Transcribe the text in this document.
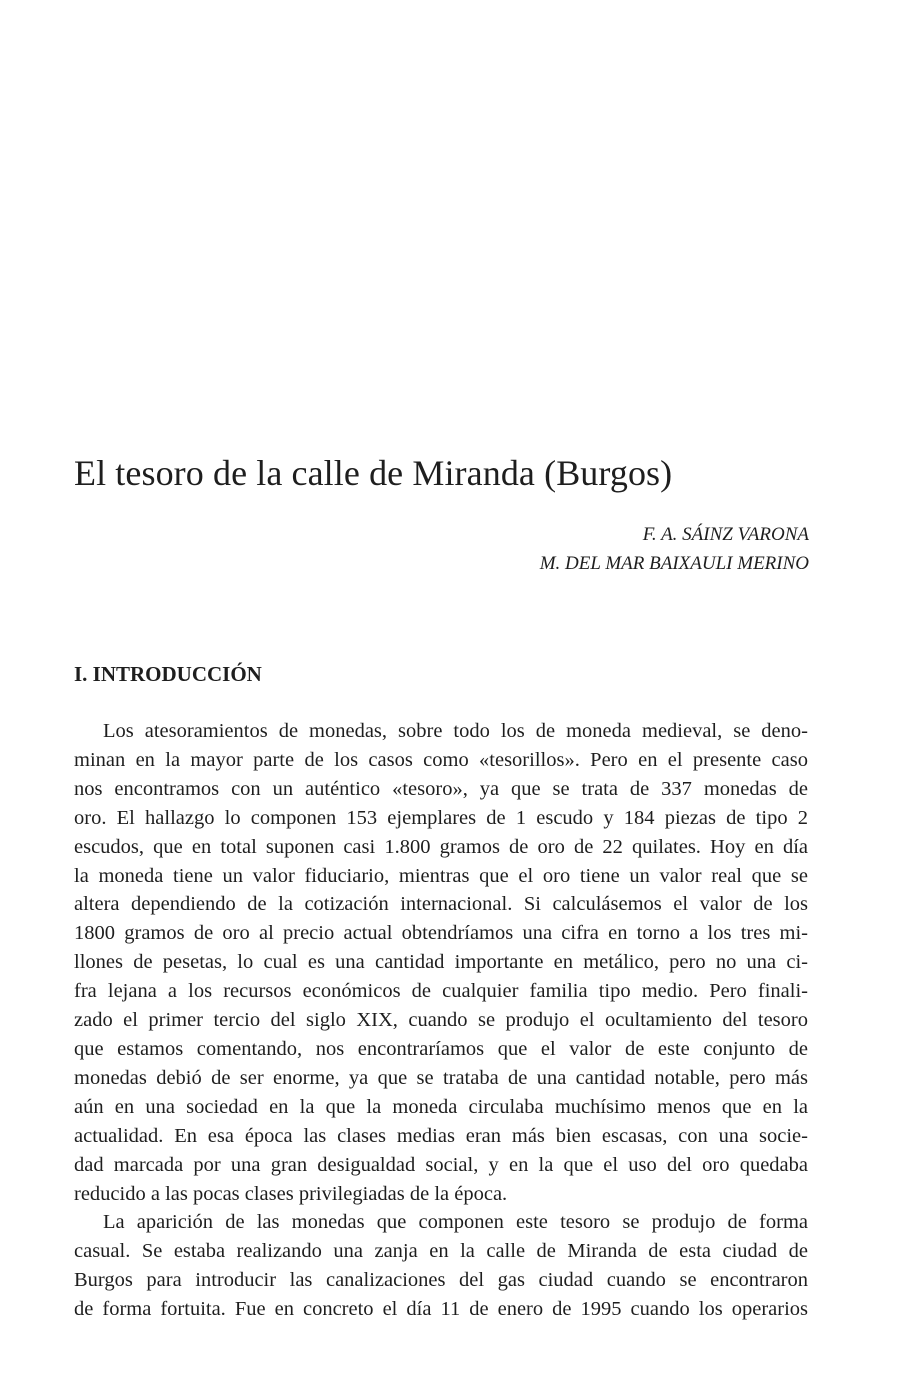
El tesoro de la calle de Miranda (Burgos)
F. A. SÁINZ VARONA
M. DEL MAR BAIXAULI MERINO
I. INTRODUCCIÓN
Los atesoramientos de monedas, sobre todo los de moneda medieval, se deno-
minan en la mayor parte de los casos como «tesorillos». Pero en el presente caso
nos encontramos con un auténtico «tesoro», ya que se trata de 337 monedas de
oro. El hallazgo lo componen 153 ejemplares de 1 escudo y 184 piezas de tipo 2
escudos, que en total suponen casi 1.800 gramos de oro de 22 quilates. Hoy en día
la moneda tiene un valor fiduciario, mientras que el oro tiene un valor real que se
altera dependiendo de la cotización internacional. Si calculásemos el valor de los
1800 gramos de oro al precio actual obtendríamos una cifra en torno a los tres mi-
llones de pesetas, lo cual es una cantidad importante en metálico, pero no una ci-
fra lejana a los recursos económicos de cualquier familia tipo medio. Pero finali-
zado el primer tercio del siglo XIX, cuando se produjo el ocultamiento del tesoro
que estamos comentando, nos encontraríamos que el valor de este conjunto de
monedas debió de ser enorme, ya que se trataba de una cantidad notable, pero más
aún en una sociedad en la que la moneda circulaba muchísimo menos que en la
actualidad. En esa época las clases medias eran más bien escasas, con una socie-
dad marcada por una gran desigualdad social, y en la que el uso del oro quedaba
reducido a las pocas clases privilegiadas de la época.
La aparición de las monedas que componen este tesoro se produjo de forma
casual. Se estaba realizando una zanja en la calle de Miranda de esta ciudad de
Burgos para introducir las canalizaciones del gas ciudad cuando se encontraron
de forma fortuita. Fue en concreto el día 11 de enero de 1995 cuando los operarios
